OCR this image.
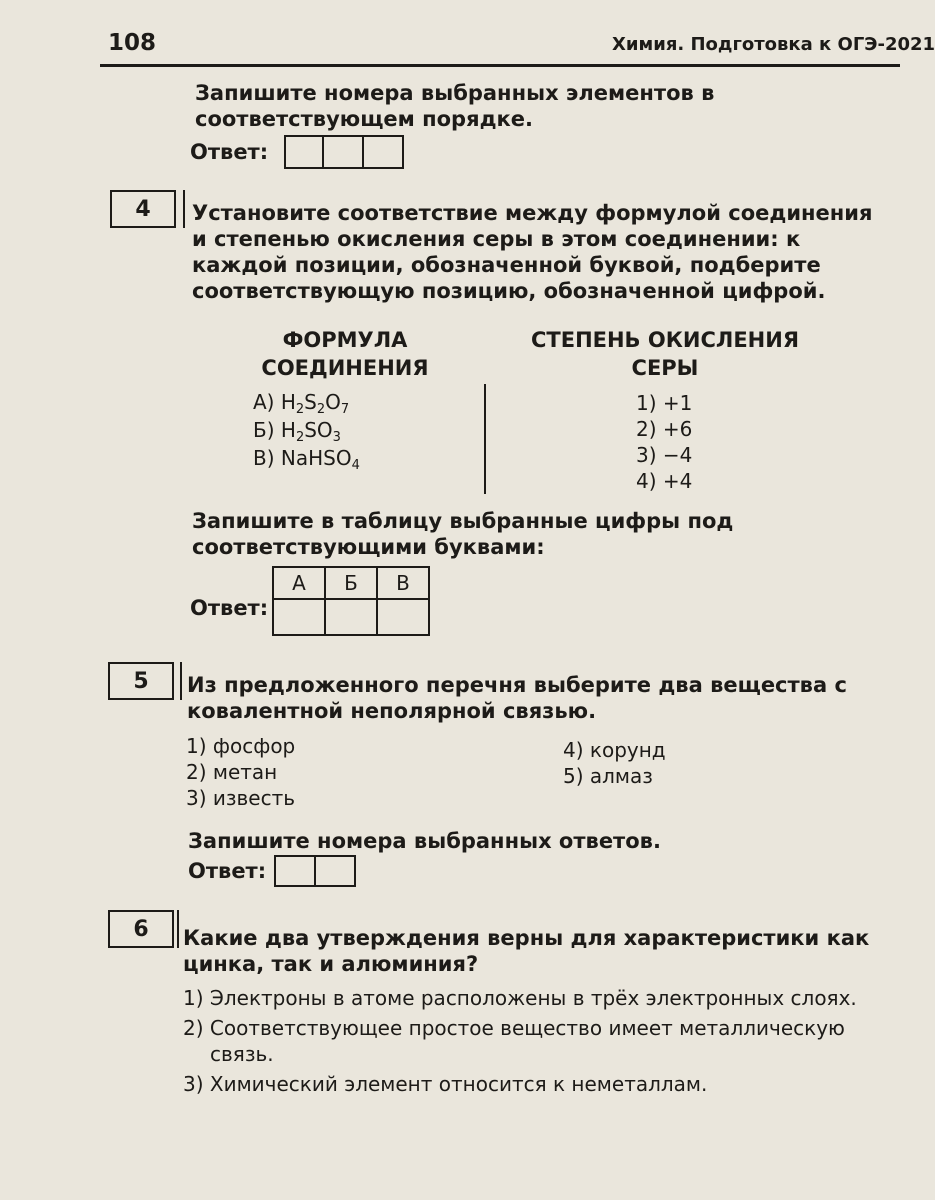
108	Химия. Подготовка к ОГЭ-2021
Запишите номера выбранных элементов в соответствующем порядке.
Ответ:
4	Установите соответствие между формулой соединения и степенью окисления серы в этом соединении: к каждой позиции, обозначенной буквой, подберите соответствующую позицию, обозначенной цифрой.
ФОРМУЛА
СОЕДИНЕНИЯ
СТЕПЕНЬ ОКИСЛЕНИЯ
СЕРЫ
А) $H_2S_2O_7$
Б) $H_2SO_3$
В) NaHSO$_4$
1) +1
2) +6
3) −4
4) +4
Запишите в таблицу выбранные цифры под соответствующими буквами:
Ответ:
А	Б	В

5	Из предложенного перечня выберите два вещества с ковалентной неполярной связью.
1) фосфор
2) метан
3) известь
4) корунд
5) алмаз
Запишите номера выбранных ответов.
Ответ:
6	Какие два утверждения верны для характеристики как цинка, так и алюминия?
1) Электроны в атоме расположены в трёх электронных слоях.
2) Соответствующее простое вещество имеет металлическую связь.
3) Химический элемент относится к неметаллам.
